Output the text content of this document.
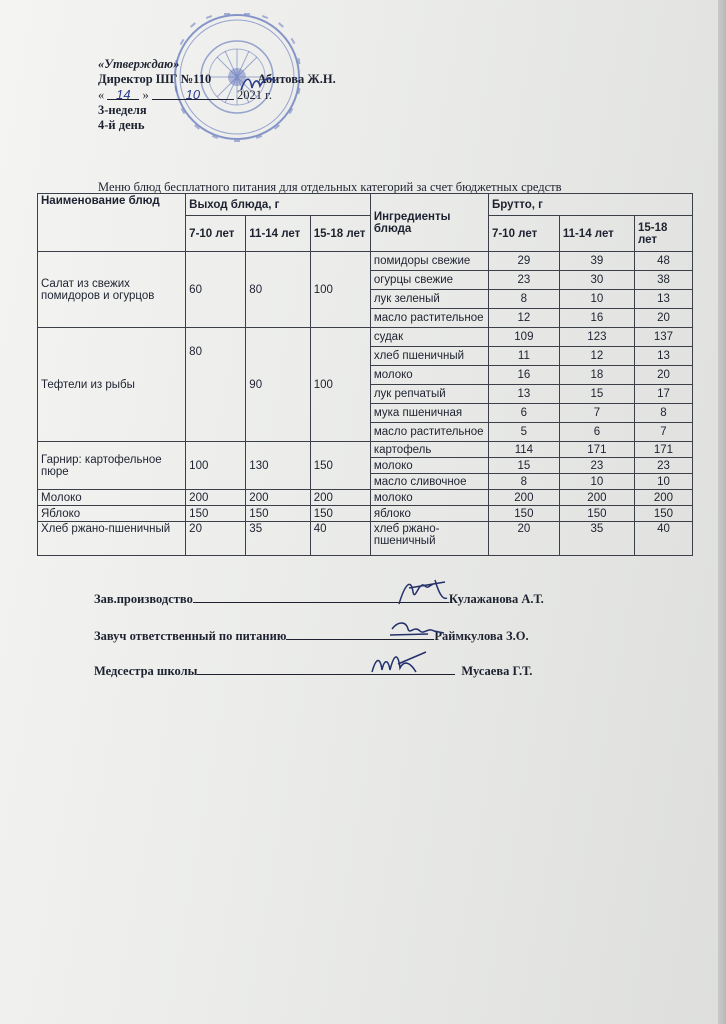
«Утверждаю»
Директор ШГ №110	Абитова Ж.Н.
« 14 »	10	2021 г.
3-неделя
4-й день
Меню блюд бесплатного питания для отдельных категорий за счет бюджетных средств
Наименование блюд	Выход блюда, г			Ингредиенты блюда	Брутто, г		
	7-10 лет	11-14 лет	15-18 лет		7-10 лет	11-14 лет	15-18 лет
Салат из свежих помидоров и огурцов	60	80	100	помидоры свежие	29	39	48
				огурцы свежие	23	30	38
				лук зеленый	8	10	13
				масло растительное	12	16	20
Тефтели из рыбы	80	90	100	судак	109	123	137
				хлеб пшеничный	11	12	13
				молоко	16	18	20
				лук репчатый	13	15	17
				мука пшеничная	6	7	8
				масло растительное	5	6	7
Гарнир: картофельное пюре	100	130	150	картофель	114	171	171
				молоко	15	23	23
				масло сливочное	8	10	10
Молоко	200	200	200	молоко	200	200	200
Яблоко	150	150	150	яблоко	150	150	150
Хлеб ржано-пшеничный	20	35	40	хлеб ржано-пшеничный	20	35	40
Зав.производство	Кулажанова А.Т.
Завуч ответственный по питанию	Раймкулова З.О.
Медсестра школы	Мусаева Г.Т.
